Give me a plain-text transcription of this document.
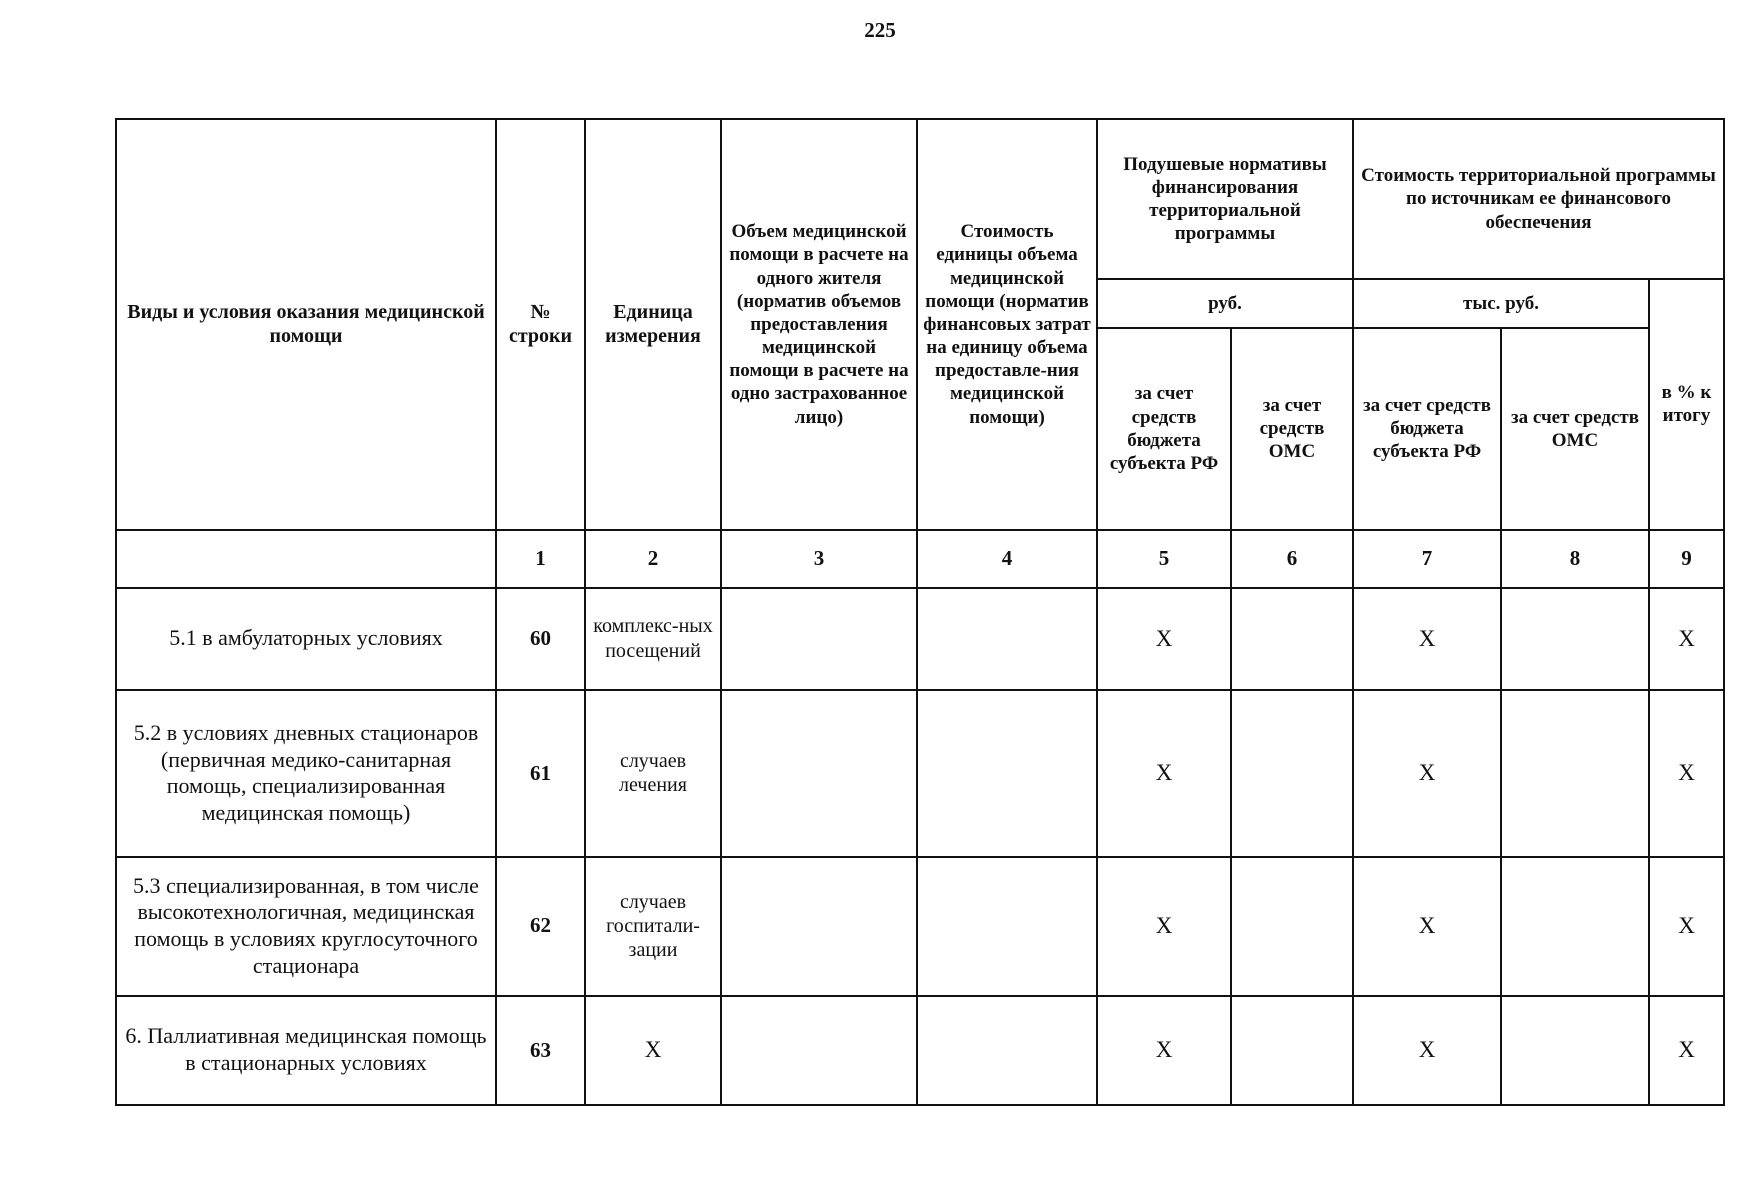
225
Виды и условия оказания медицинской помощи	№ строки	Единица измерения	Объем медицинской помощи в расчете на одного жителя (норматив объемов предоставления медицинской помощи в расчете на одно застрахованное лицо)	Стоимость единицы объема медицинской помощи (норматив финансовых затрат на единицу объема предоставле-ния медицинской помощи)	Подушевые нормативы финансирования территориальной программы		Стоимость территориальной программы по источникам ее финансового обеспечения		
					руб.		тыс. руб.		в % к итогу
					за счет средств бюджета субъекта РФ	за счет средств ОМС	за счет средств бюджета субъекта РФ	за счет средств ОМС	
	1	2	3	4	5	6	7	8	9
5.1 в амбулаторных условиях	60	комплекс-ных посещений			X		X		X
5.2 в условиях дневных стационаров (первичная медико-санитарная помощь, специализированная медицинская помощь)	61	случаев лечения			X		X		X
5.3 специализированная, в том числе высокотехнологичная, медицинская помощь в условиях круглосуточного стационара	62	случаев госпитали-зации			X		X		X
6. Паллиативная медицинская помощь в стационарных условиях	63	X			X		X		X
